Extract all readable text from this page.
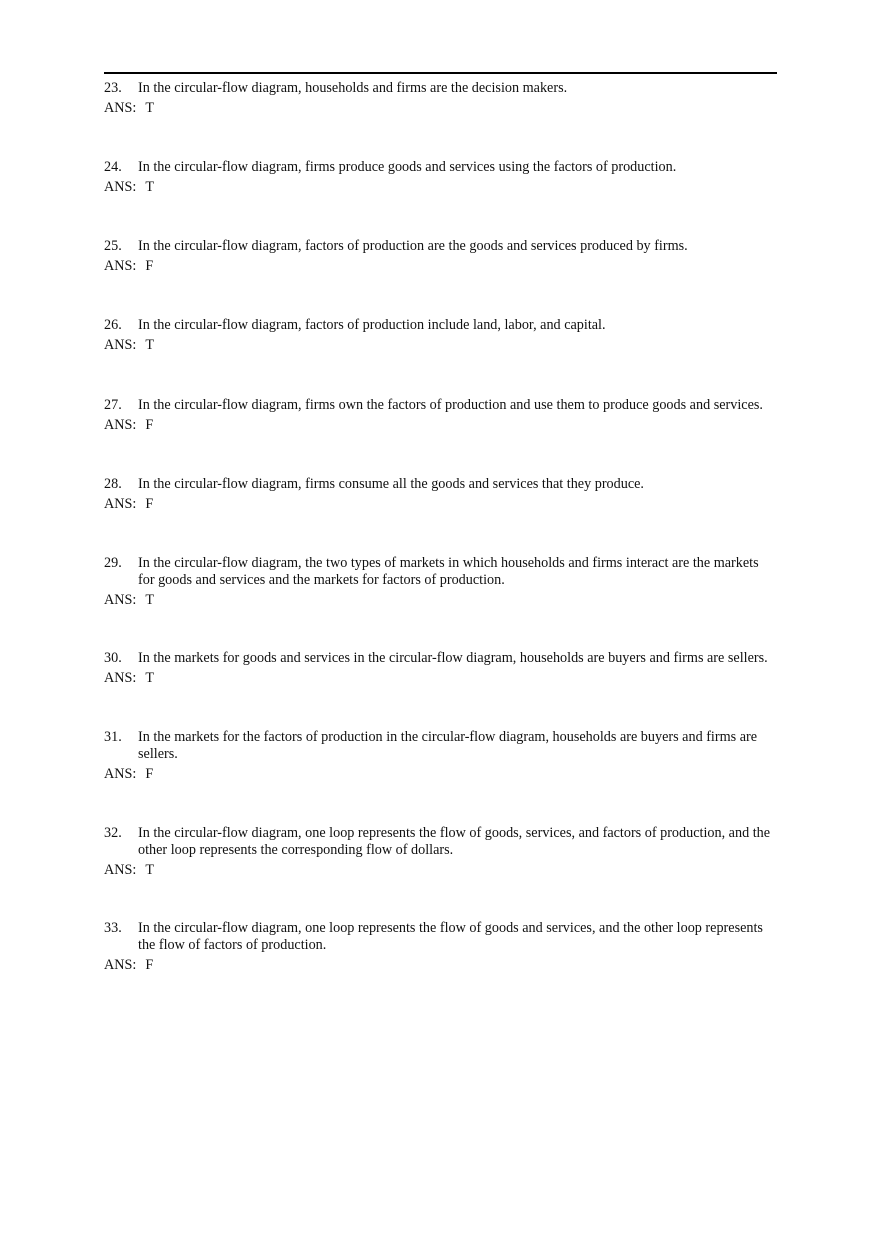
23. In the circular-flow diagram, households and firms are the decision makers.
ANS: T
24. In the circular-flow diagram, firms produce goods and services using the factors of production.
ANS: T
25. In the circular-flow diagram, factors of production are the goods and services produced by firms.
ANS: F
26. In the circular-flow diagram, factors of production include land, labor, and capital.
ANS: T
27. In the circular-flow diagram, firms own the factors of production and use them to produce goods and services.
ANS: F
28. In the circular-flow diagram, firms consume all the goods and services that they produce.
ANS: F
29. In the circular-flow diagram, the two types of markets in which households and firms interact are the markets for goods and services and the markets for factors of production.
ANS: T
30. In the markets for goods and services in the circular-flow diagram, households are buyers and firms are sellers.
ANS: T
31. In the markets for the factors of production in the circular-flow diagram, households are buyers and firms are sellers.
ANS: F
32. In the circular-flow diagram, one loop represents the flow of goods, services, and factors of production, and the other loop represents the corresponding flow of dollars.
ANS: T
33. In the circular-flow diagram, one loop represents the flow of goods and services, and the other loop represents the flow of factors of production.
ANS: F
